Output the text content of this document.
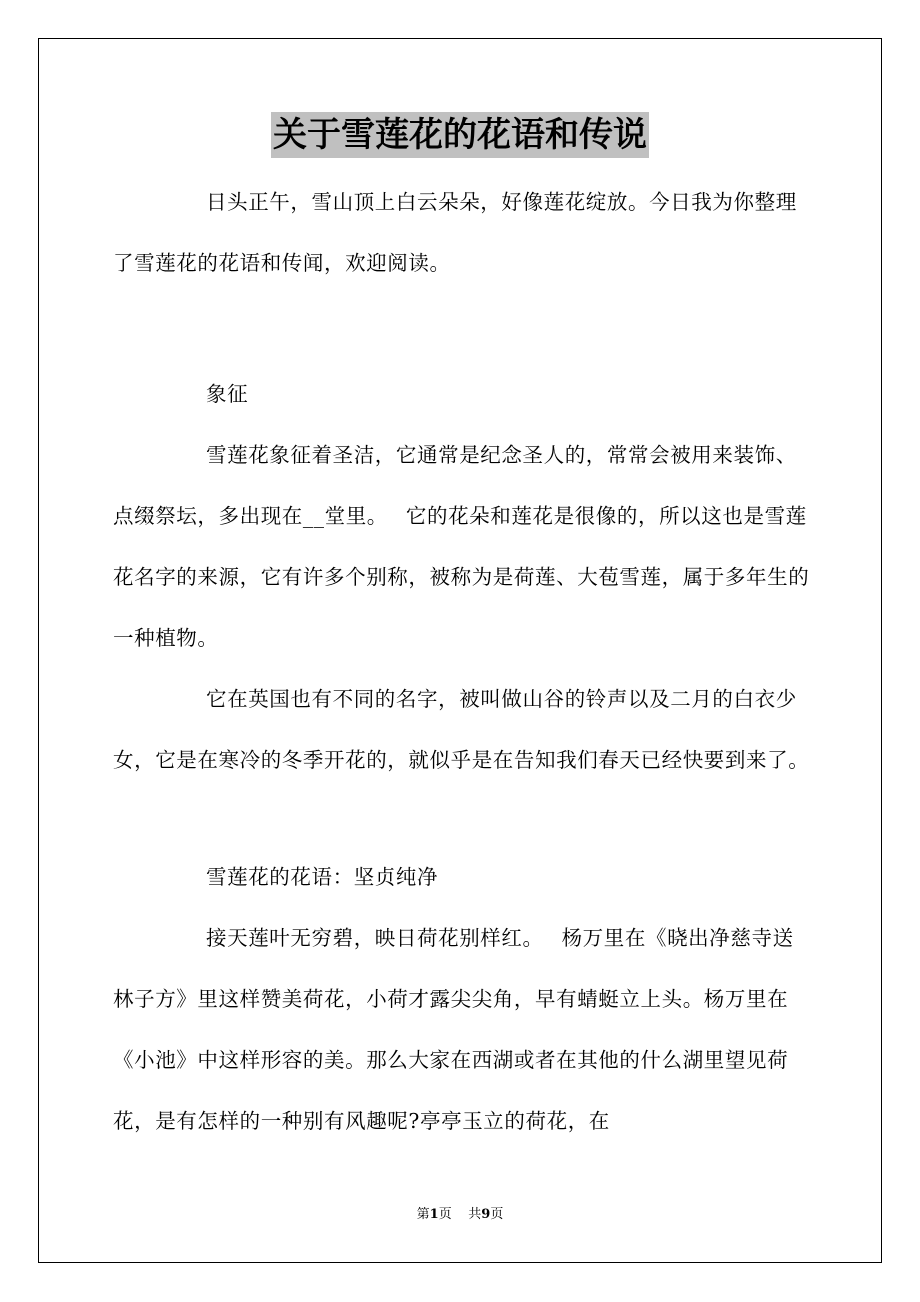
关于雪莲花的花语和传说

日头正午，雪山顶上白云朵朵，好像莲花绽放。今日我为你整理了雪莲花的花语和传闻，欢迎阅读。

象征

雪莲花象征着圣洁，它通常是纪念圣人的，常常会被用来装饰、点缀祭坛，多出现在__堂里。　 它的花朵和莲花是很像的，所以这也是雪莲花名字的来源，它有许多个别称，被称为是荷莲、大苞雪莲，属于多年生的一种植物。

它在英国也有不同的名字，被叫做山谷的铃声以及二月的白衣少女，它是在寒冷的冬季开花的，就似乎是在告知我们春天已经快要到来了。

雪莲花的花语：坚贞纯净

接天莲叶无穷碧，映日荷花别样红。　 杨万里在《晓出净慈寺送林子方》里这样赞美荷花，小荷才露尖尖角，早有蜻蜓立上头。杨万里在《小池》中这样形容的美。那么大家在西湖或者在其他的什么湖里望见荷花，是有怎样的一种别有风趣呢?亭亭玉立的荷花，在

第1页 共9页
